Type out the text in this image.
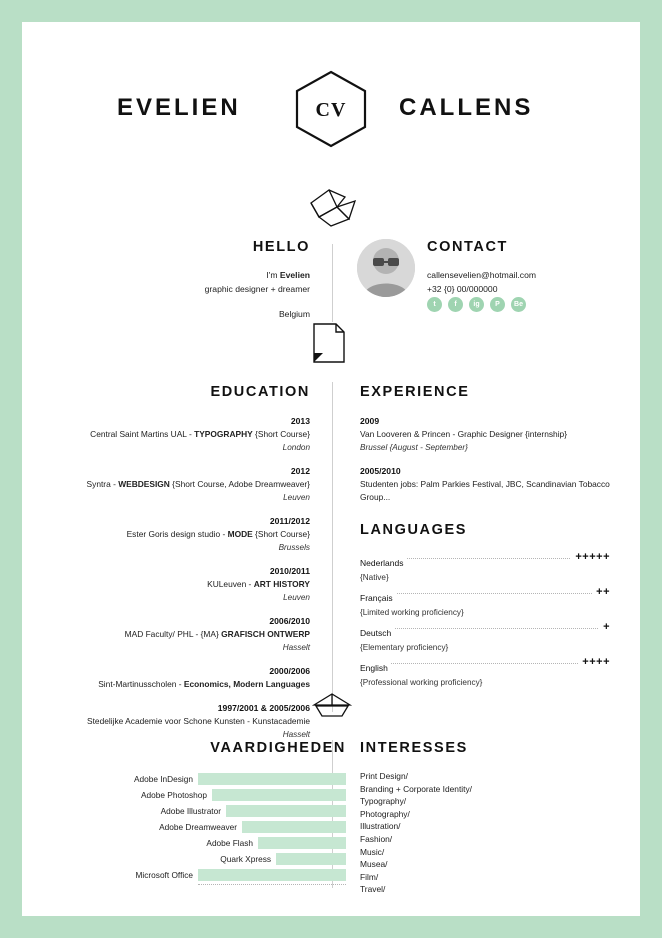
EVELIEN	CALLENS
CV
HELLO
I'm Evelien
graphic designer + dreamer
Belgium
CONTACT
callensevelien@hotmail.com
+32 {0} 00/000000
t	f	ig	P	Be
EDUCATION
2013
Central Saint Martins UAL - TYPOGRAPHY {Short Course}
London
2012
Syntra - WEBDESIGN {Short Course, Adobe Dreamweaver}
Leuven
2011/2012
Ester Goris design studio - MODE {Short Course}
Brussels
2010/2011
KULeuven - ART HISTORY
Leuven
2006/2010
MAD Faculty/ PHL - {MA} GRAFISCH ONTWERP
Hasselt
2000/2006
Sint-Martinusscholen - Economics, Modern Languages
1997/2001 & 2005/2006
Stedelijke Academie voor Schone Kunsten - Kunstacademie
Hasselt
EXPERIENCE
2009
Van Looveren & Princen - Graphic Designer {internship}
Brussel {August - September}
2005/2010
Studenten jobs: Palm Parkies Festival, JBC, Scandinavian Tobacco Group...
LANGUAGES
Nederlands	+++++
{Native}
Français	++
{Limited working proficiency}
Deutsch	+
{Elementary proficiency}
English	++++
{Professional working proficiency}
VAARDIGHEDEN
Adobe InDesign
Adobe Photoshop
Adobe Illustrator
Adobe Dreamweaver
Adobe Flash
Quark Xpress
Microsoft Office
INTERESSES
Print Design/
Branding + Corporate Identity/
Typography/
Photography/
Illustration/
Fashion/
Music/
Musea/
Film/
Travel/
